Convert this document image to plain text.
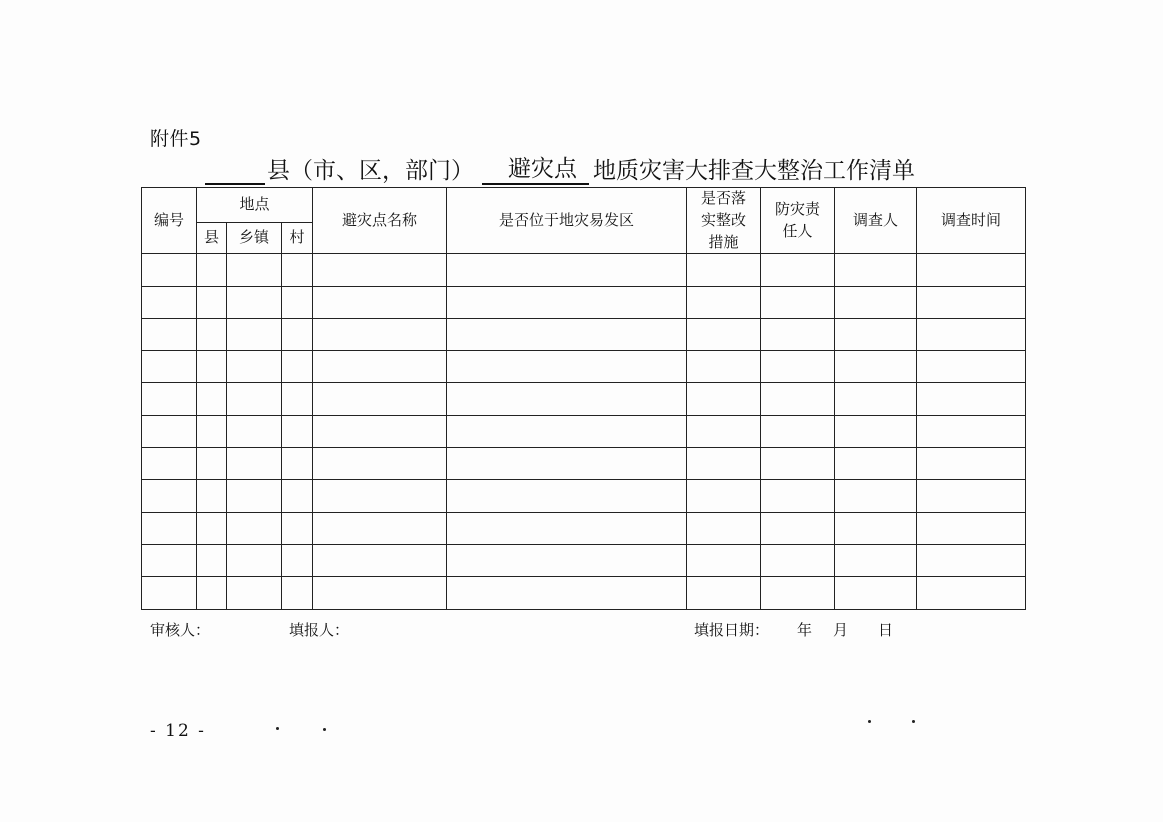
附件5
县（市、区，部门）	避灾点 地质灾害大排查大整治工作清单
编号	地点			避灾点名称	是否位于地灾易发区	是否落实整改措施	防灾责任人	调查人	调查时间
	县	乡镇	村						

审核人：	填报人：	填报日期： 年 月 日
- 12 -
